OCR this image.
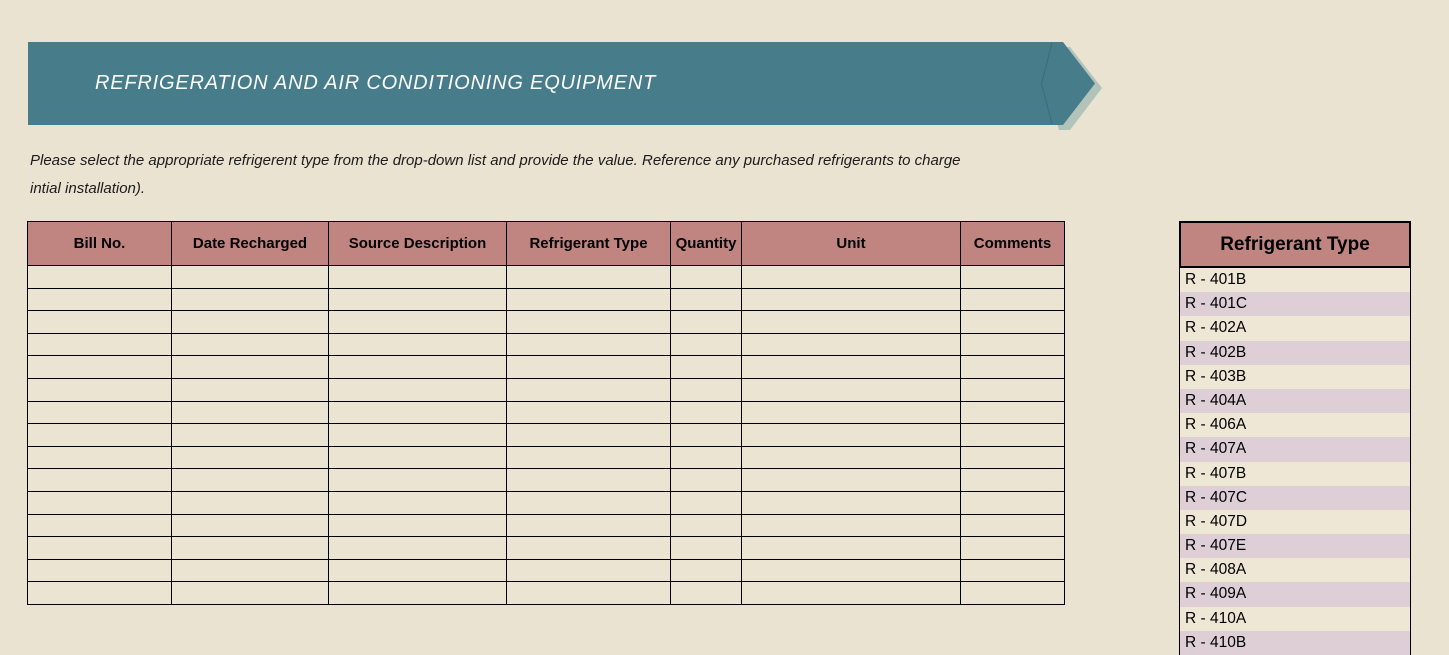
REFRIGERATION AND AIR CONDITIONING EQUIPMENT
Please select the appropriate refrigerent type from the drop-down list and provide the value. Reference any purchased refrigerants to charge
intial installation).
Bill No.	Date Recharged	Source Description	Refrigerant Type	Quantity	Unit	Comments

							Refrigerant Type
R - 401B
R - 401C
R - 402A
R - 402B
R - 403B
R - 404A
R - 406A
R - 407A
R - 407B
R - 407C
R - 407D
R - 407E
R - 408A
R - 409A
R - 410A
R - 410B
